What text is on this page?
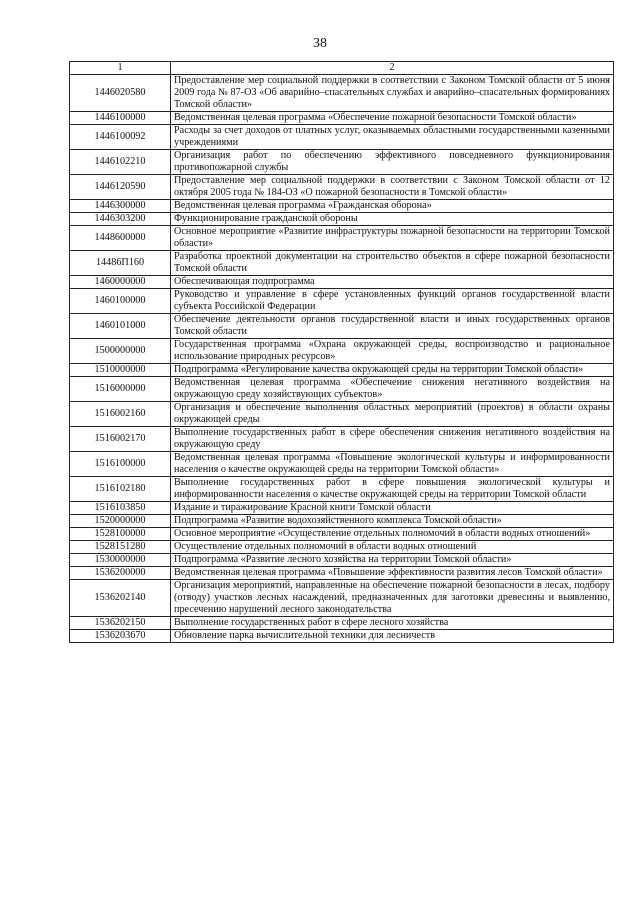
38
1	2
1446020580	Предоставление мер социальной поддержки в соответствии с Законом Томской области от 5 июня 2009 года № 87-ОЗ «Об аварийно–спасательных службах и аварийно–спасательных формированиях Томской области»
1446100000	Ведомственная целевая программа «Обеспечение пожарной безопасности Томской области»
1446100092	Расходы за счет доходов от платных услуг, оказываемых областными государственными казенными учреждениями
1446102210	Организация работ по обеспечению эффективного повседневного функционирования противопожарной службы
1446120590	Предоставление мер социальной поддержки в соответствии с Законом Томской области от 12 октября 2005 года № 184-ОЗ «О пожарной безопасности в Томской области»
1446300000	Ведомственная целевая программа «Гражданская оборона»
1446303200	Функционирование гражданской обороны
1448600000	Основное мероприятие «Развитие инфраструктуры пожарной безопасности на территории Томской области»
14486П160	Разработка проектной документации на строительство объектов в сфере пожарной безопасности Томской области
1460000000	Обеспечивающая подпрограмма
1460100000	Руководство и управление в сфере установленных функций органов государственной власти субъекта Российской Федерации
1460101000	Обеспечение деятельности органов государственной власти и иных государственных органов Томской области
1500000000	Государственная программа «Охрана окружающей среды, воспроизводство и рациональное использование природных ресурсов»
1510000000	Подпрограмма «Регулирование качества окружающей среды на территории Томской области»
1516000000	Ведомственная целевая программа «Обеспечение снижения негативного воздействия на окружающую среду хозяйствующих субъектов»
1516002160	Организация и обеспечение выполнения областных мероприятий (проектов) в области охраны окружающей среды
1516002170	Выполнение государственных работ в сфере обеспечения снижения негативного воздействия на окружающую среду
1516100000	Ведомственная целевая программа «Повышение экологической культуры и информированности населения о качестве окружающей среды на территории Томской области»
1516102180	Выполнение государственных работ в сфере повышения экологической культуры и информированности населения о качестве окружающей среды на территории Томской области
1516103850	Издание и тиражирование Красной книги Томской области
1520000000	Подпрограмма «Развитие водохозяйственного комплекса Томской области»
1528100000	Основное мероприятие «Осуществление отдельных полномочий в области водных отношений»
1528151280	Осуществление отдельных полномочий в области водных отношений
1530000000	Подпрограмма «Развитие лесного хозяйства на территории Томской области»
1536200000	Ведомственная целевая программа «Повышение эффективности развития лесов Томской области»
1536202140	Организация мероприятий, направленные на обеспечение пожарной безопасности в лесах, подбору (отводу) участков лесных насаждений, предназначенных для заготовки древесины и выявлению, пресечению нарушений лесного законодательства
1536202150	Выполнение государственных работ в сфере лесного хозяйства
1536203670	Обновление парка вычислительной техники для лесничеств
